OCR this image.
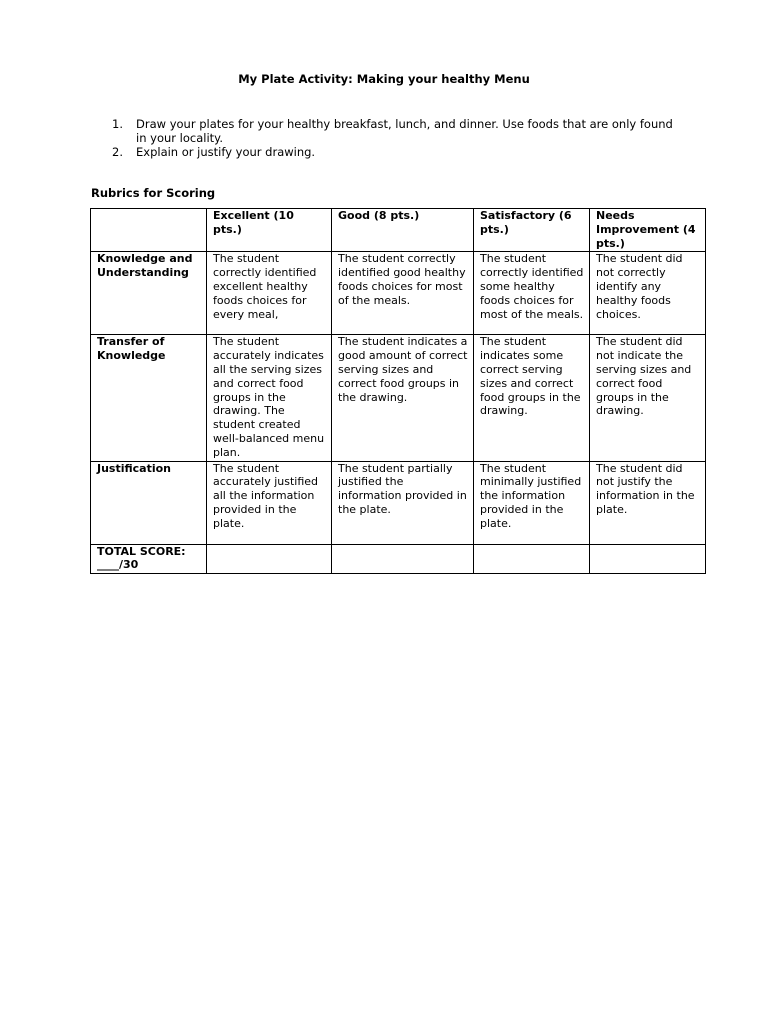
My Plate Activity: Making your healthy Menu
1. Draw your plates for your healthy breakfast, lunch, and dinner. Use foods that are only found in your locality.
2. Explain or justify your drawing.
Rubrics for Scoring
	Excellent (10 pts.)	Good (8 pts.)	Satisfactory (6 pts.)	Needs Improvement (4 pts.)
Knowledge and Understanding	The student correctly identified excellent healthy foods choices for every meal,	The student correctly identified good healthy foods choices for most of the meals.	The student correctly identified some healthy foods choices for most of the meals.	The student did not correctly identify any healthy foods choices.
Transfer of Knowledge	The student accurately indicates all the serving sizes and correct food groups in the drawing. The student created well-balanced menu plan.	The student indicates a good amount of correct serving sizes and correct food groups in the drawing.	The student indicates some correct serving sizes and correct food groups in the drawing.	The student did not indicate the serving sizes and correct food groups in the drawing.
Justification	The student accurately justified all the information provided in the plate.	The student partially justified the information provided in the plate.	The student minimally justified the information provided in the plate.	The student did not justify the information in the plate.
TOTAL SCORE: ____/30				
